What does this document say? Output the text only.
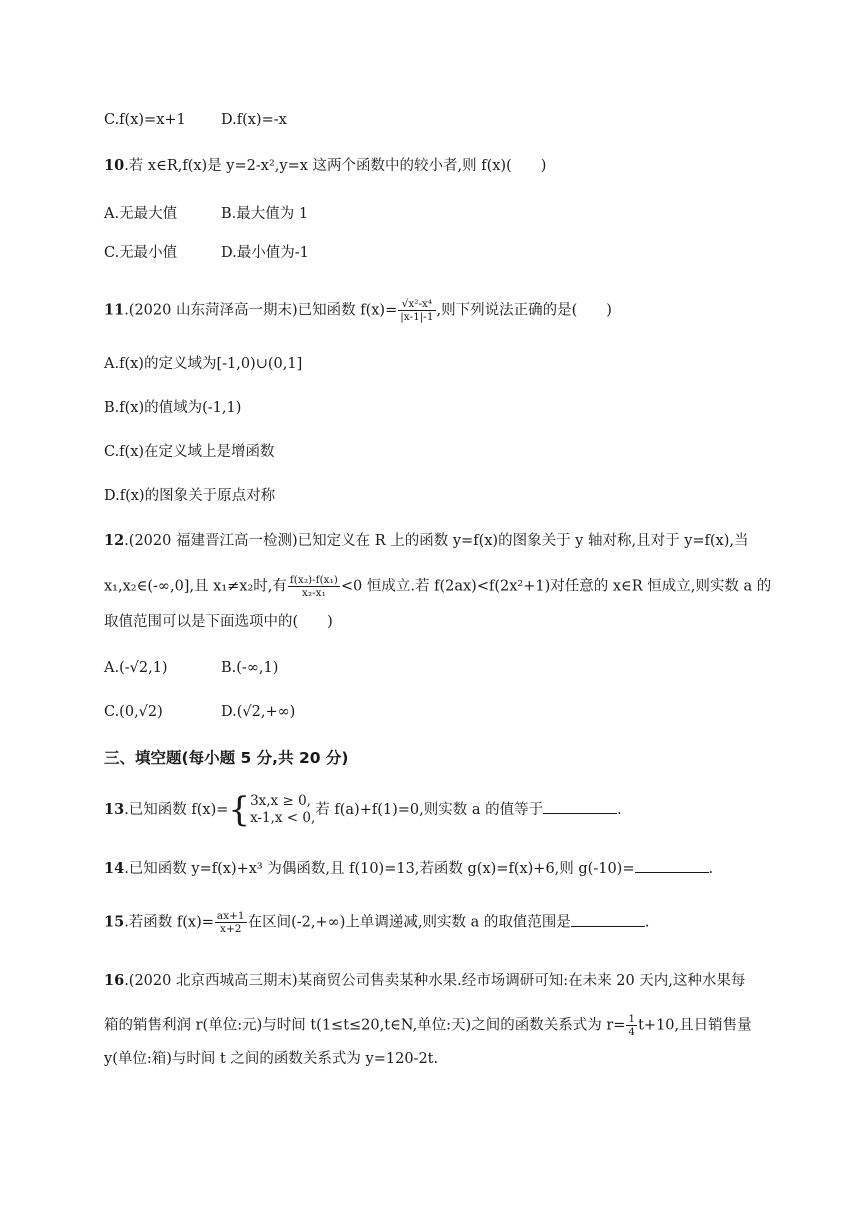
C.f(x)=x+1 D.f(x)=-x
10.若 x∈R,f(x)是 y=2-x²,y=x 这两个函数中的较小者,则 f(x)(　　)
A.无最大值	B.最大值为 1
C.无最小值	D.最小值为-1
11.(2020 山东菏泽高一期末)已知函数 $f(x)= \frac{\text{√x²-x⁴}}{|x-1|-1}$ ,则下列说法正确的是(　　)
A.f(x)的定义域为[-1,0)∪(0,1]
B.f(x)的值域为(-1,1)
C.f(x)在定义域上是增函数
D.f(x)的图象关于原点对称
12.(2020 福建晋江高一检测)已知定义在 R 上的函数 y=f(x)的图象关于 y 轴对称,且对于 y=f(x),当
x₁,x₂∈(-∞,0],且 x₁≠x₂时,有 $\frac{\text{f(x₂)-f(x₁)}}{\text{x₂-x₁}} <0$ 恒成立.若 f(2ax)<f(2x²+1)对任意的 x∈R 恒成立,则实数 a 的
取值范围可以是下面选项中的(　　)
A.(-√2,1)	B.(-∞,1)
C.(0,√2)	D.(√2,+∞)
三、填空题(每小题 5 分,共 20 分)
13.已知函数 f(x)={ 3x,x ≥ 0,
x-1,x < 0, 若 f(a)+f(1)=0,则实数 a 的值等于	.
14.已知函数 y=f(x)+x³ 为偶函数,且 f(10)=13,若函数 g(x)=f(x)+6,则 g(-10)=	.
15.若函数 $f(x)= \frac{ax+1}{x+2}$ 在区间(-2,+∞)上单调递减,则实数 a 的取值范围是	.
16.(2020 北京西城高三期末)某商贸公司售卖某种水果.经市场调研可知:在未来 20 天内,这种水果每
箱的销售利润 r(单位:元)与时间 t(1≤t≤20,t∈N,单位:天)之间的函数关系式为 $r= \frac{1}{4} t+10$,且日销售量
y(单位:箱)与时间 t 之间的函数关系式为 y=120-2t.
